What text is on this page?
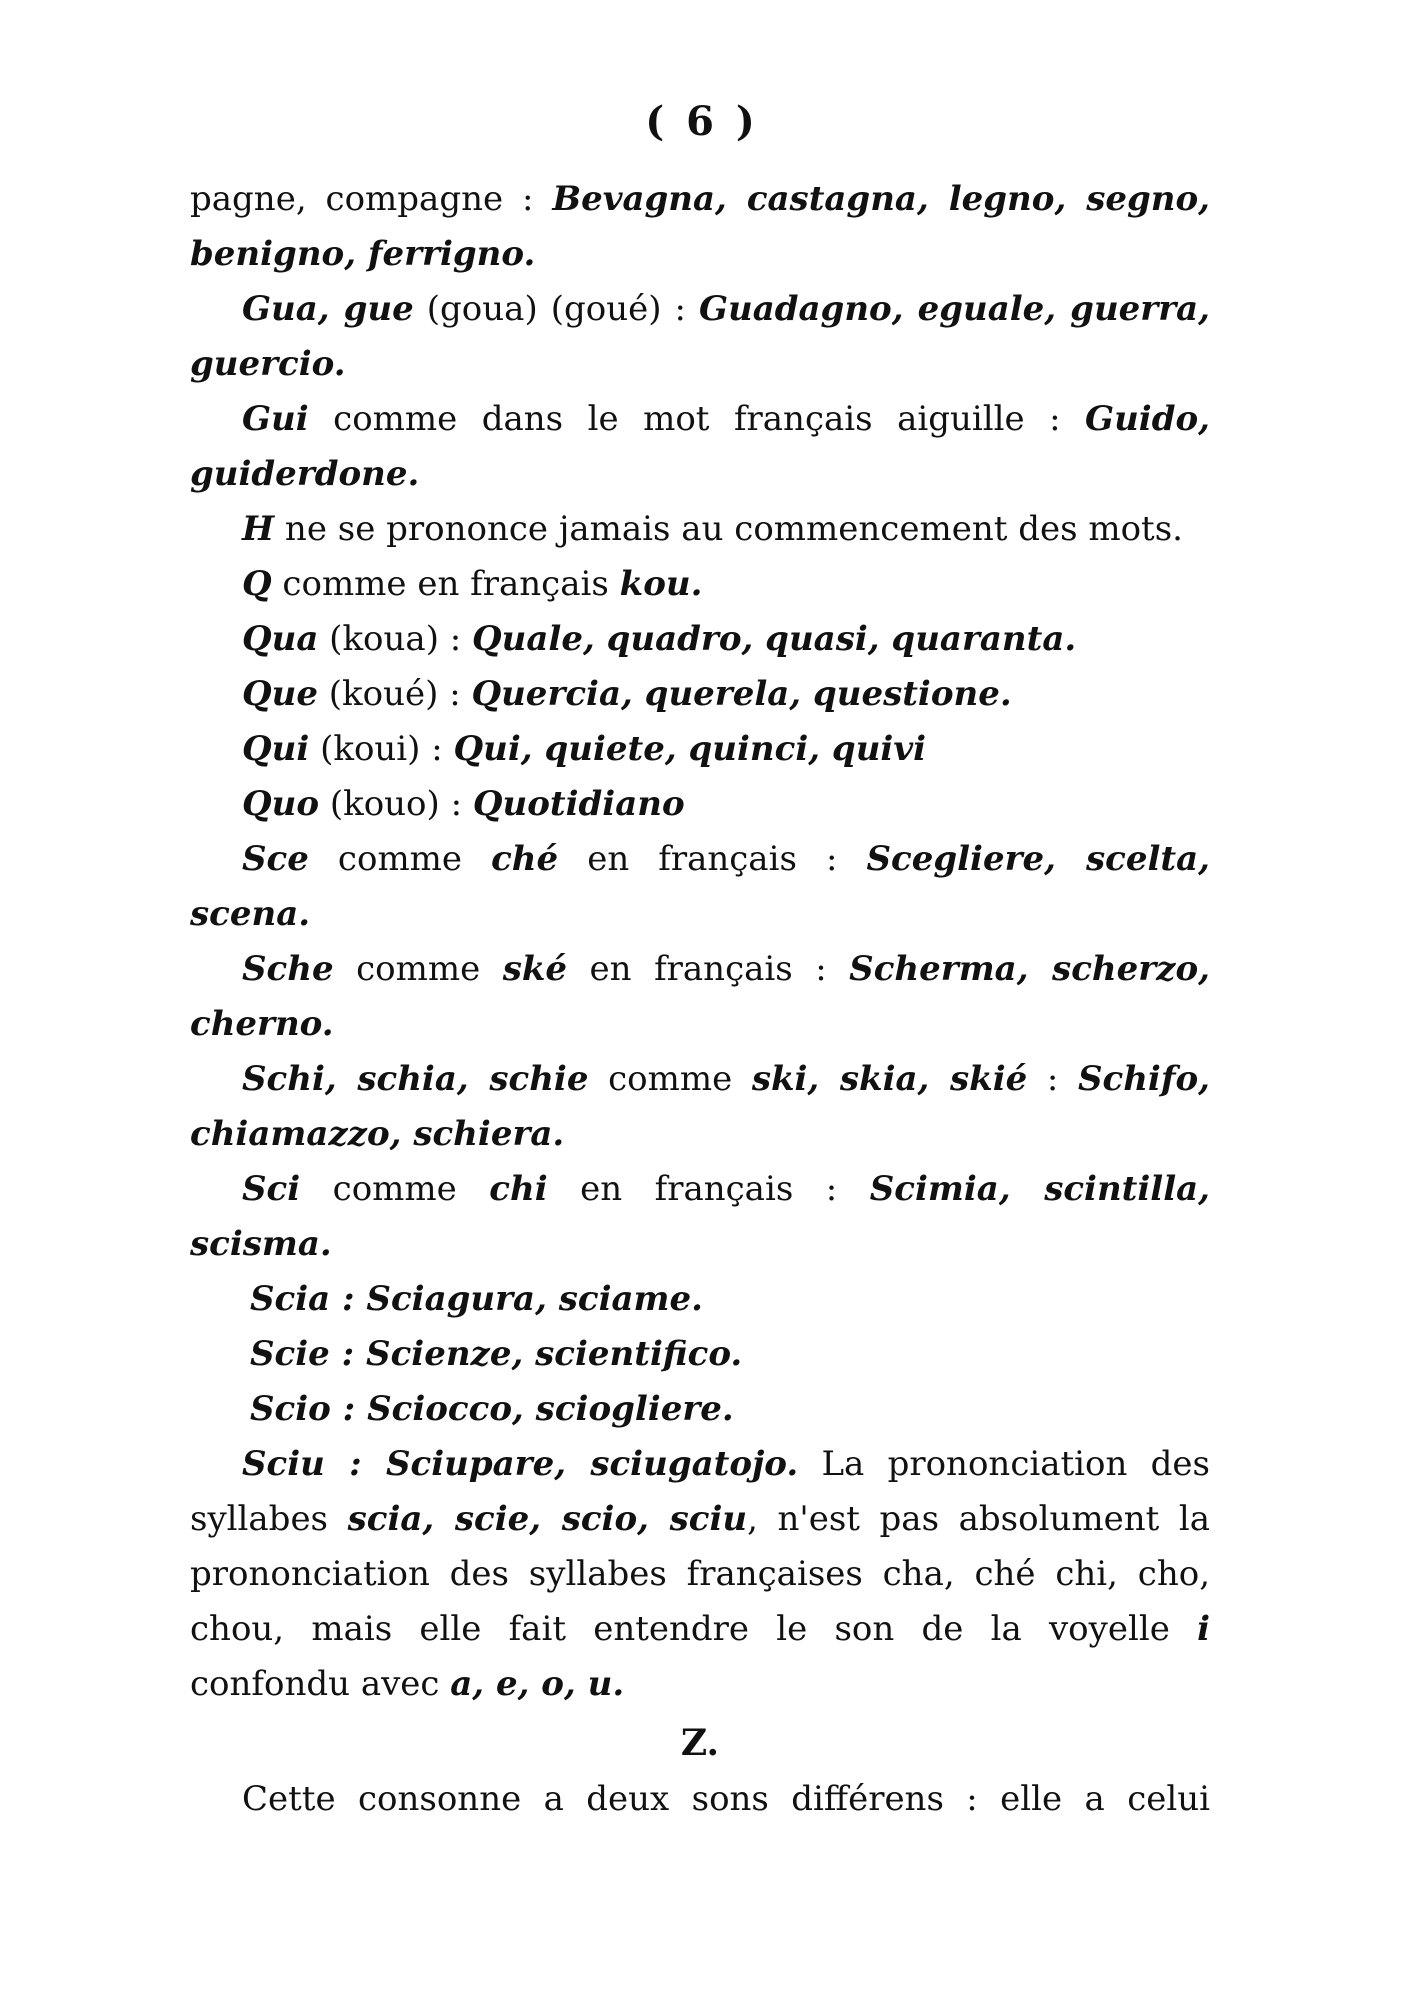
( 6 )

pagne, compagne : Bevagna, castagna, legno, segno, benigno, ferrigno.

Gua, gue (goua) (goué) : Guadagno, eguale, guerra, guercio.

Gui comme dans le mot français aiguille : Guido, guiderdone.

H ne se prononce jamais au commencement des mots.

Q comme en français kou.

Qua (koua) : Quale, quadro, quasi, quaranta.

Que (koué) : Quercia, querela, questione.

Qui (koui) : Qui, quiete, quinci, quivi

Quo (kouo) : Quotidiano

Sce comme ché en français : Scegliere, scelta, scena.

Sche comme ské en français : Scherma, scherzo, cherno.

Schi, schia, schie comme ski, skia, skié : Schifo, chiamazzo, schiera.

Sci comme chi en français : Scimia, scintilla, scisma.

Scia : Sciagura, sciame.

Scie : Scienze, scientifico.

Scio : Sciocco, sciogliere.

Sciu : Sciupare, sciugatojo. La prononciation des syllabes scia, scie, scio, sciu, n'est pas absolument la prononciation des syllabes françaises cha, ché chi, cho, chou, mais elle fait entendre le son de la voyelle i confondu avec a, e, o, u.

Z.

Cette consonne a deux sons différens : elle a celui
